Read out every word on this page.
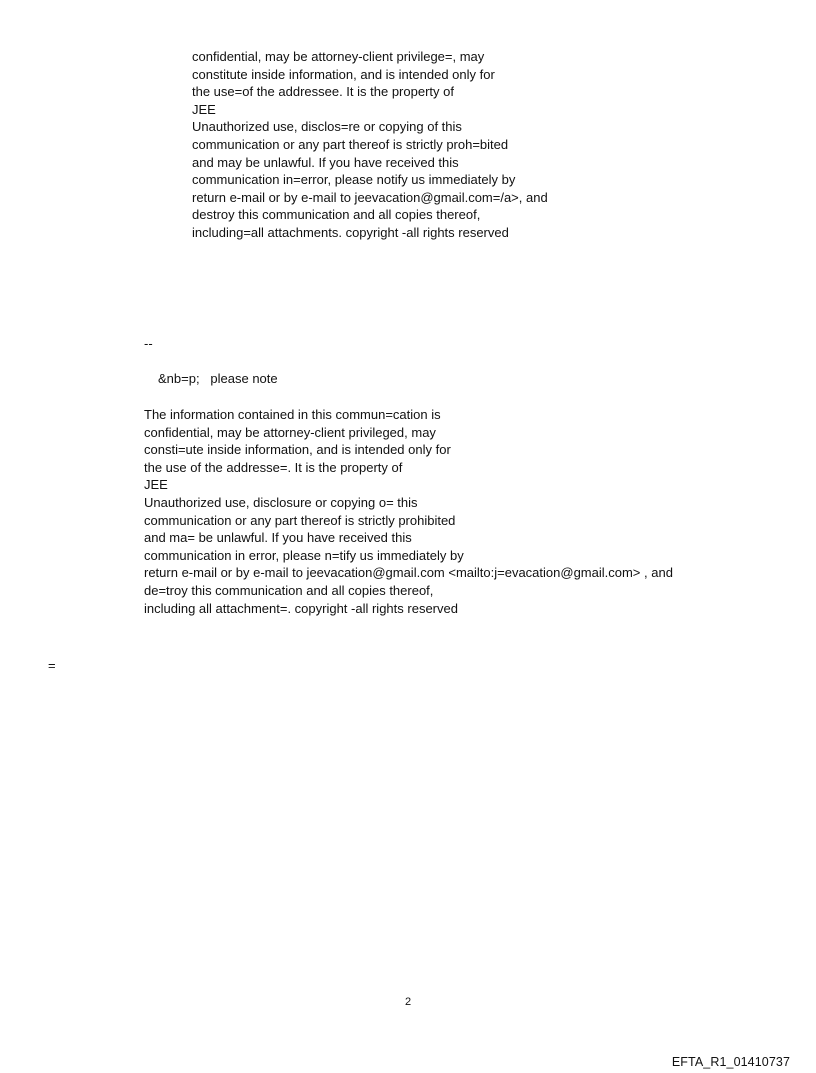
confidential, may be attorney-client privilege=, may
constitute inside information, and is intended only for
the use=of the addressee. It is the property of
JEE
Unauthorized use, disclos=re or copying of this
communication or any part thereof is strictly proh=bited
and may be unlawful. If you have received this
communication in=error, please notify us immediately by
return e-mail or by e-mail to jeevacation@gmail.com=/a>, and
destroy this communication and all copies thereof,
including=all attachments. copyright -all rights reserved
--
&nb=p;   please note
The information contained in this commun=cation is
confidential, may be attorney-client privileged, may
consti=ute inside information, and is intended only for
the use of the addresse=. It is the property of
JEE
Unauthorized use, disclosure or copying o= this
communication or any part thereof is strictly prohibited
and ma= be unlawful. If you have received this
communication in error, please n=tify us immediately by
return e-mail or by e-mail to jeevacation@gmail.com <mailto:j=evacation@gmail.com> , and
de=troy this communication and all copies thereof,
including all attachment=. copyright -all rights reserved
=
2
EFTA_R1_01410737
